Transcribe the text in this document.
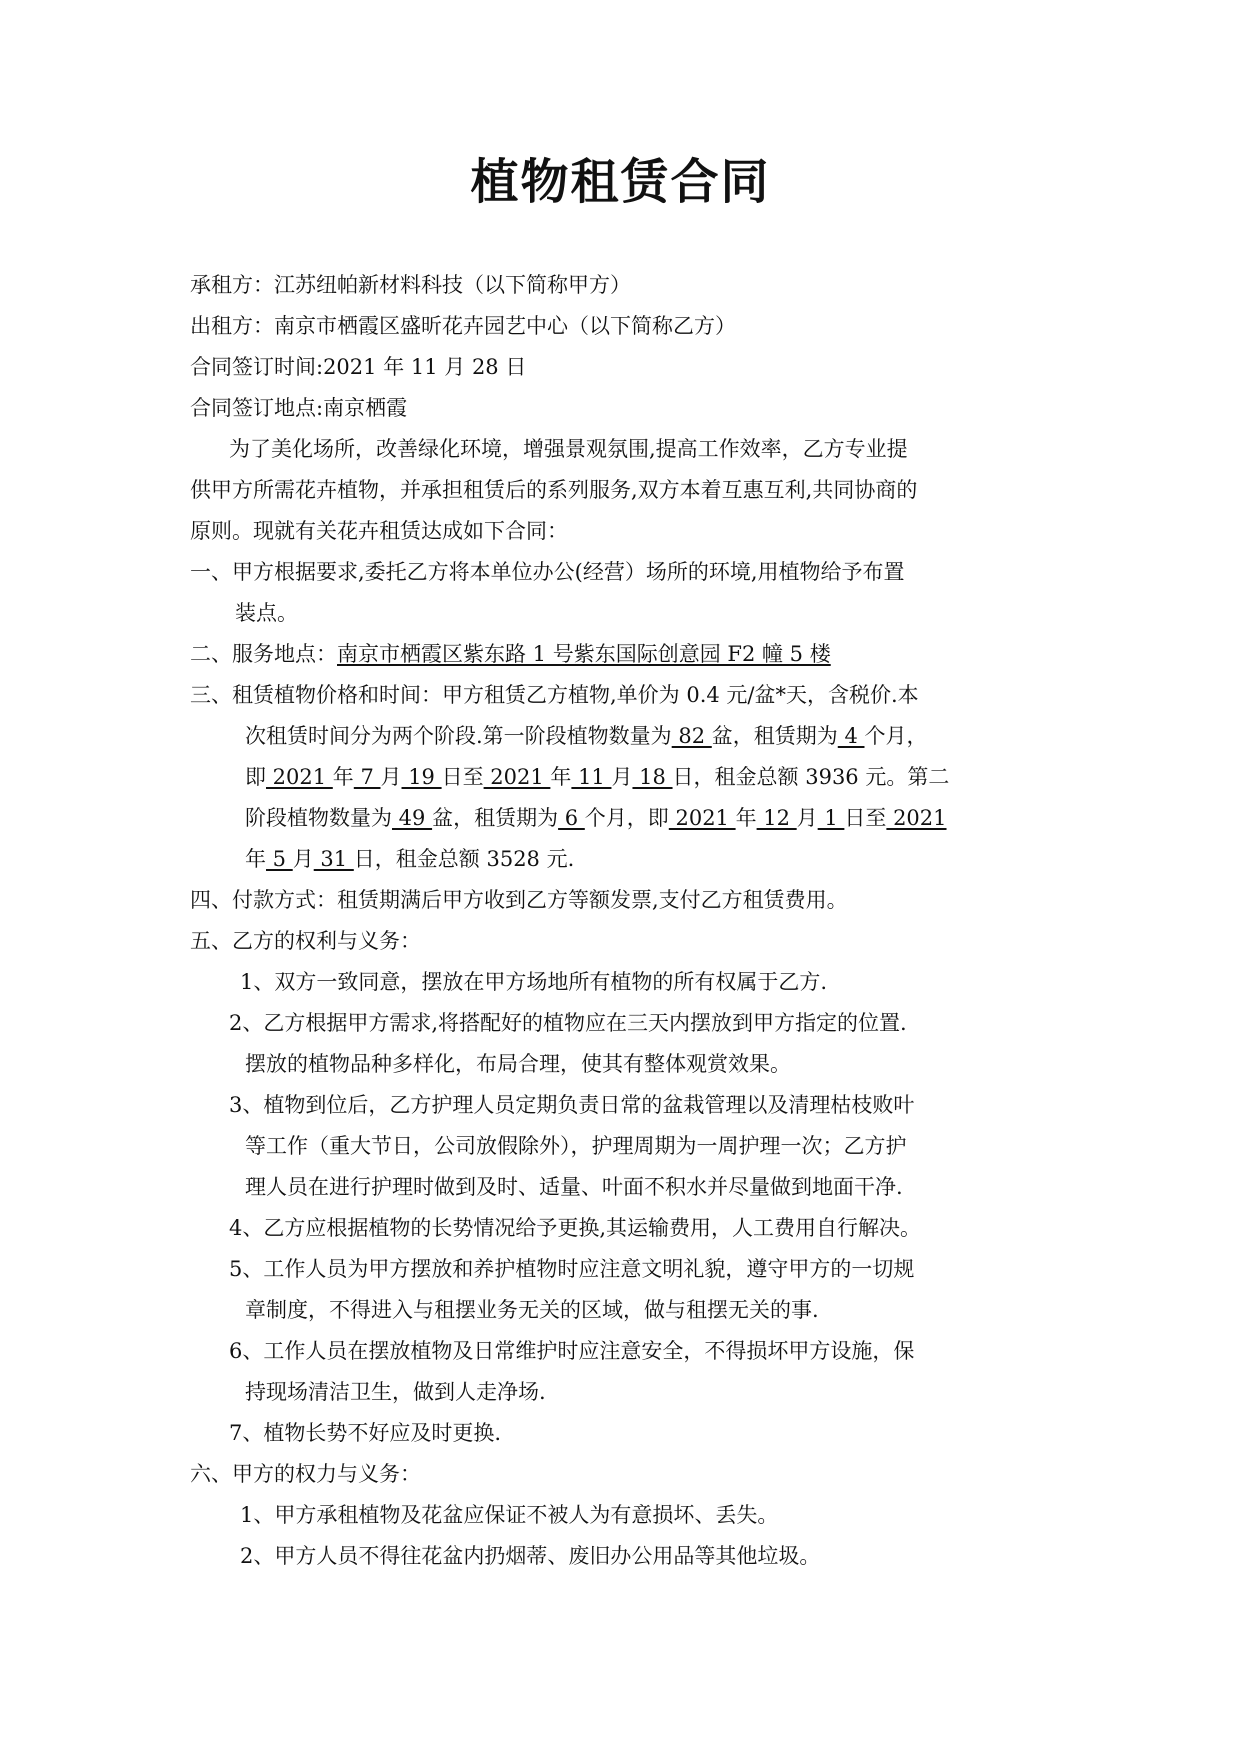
植物租赁合同
承租方：江苏纽帕新材料科技（以下简称甲方）
出租方：南京市栖霞区盛昕花卉园艺中心（以下简称乙方）
合同签订时间:2021 年 11 月 28 日
合同签订地点:南京栖霞
为了美化场所，改善绿化环境，增强景观氛围,提高工作效率，乙方专业提
供甲方所需花卉植物，并承担租赁后的系列服务,双方本着互惠互利,共同协商的
原则。现就有关花卉租赁达成如下合同：
一、甲方根据要求,委托乙方将本单位办公(经营）场所的环境,用植物给予布置
装点。
二、服务地点：南京市栖霞区紫东路 1 号紫东国际创意园 F2 幢 5 楼
三、租赁植物价格和时间：甲方租赁乙方植物,单价为 0.4 元/盆*天，含税价.本
次租赁时间分为两个阶段.第一阶段植物数量为 82 盆，租赁期为 4 个月，
即 2021 年 7 月 19 日至 2021 年 11 月 18 日，租金总额 3936 元。第二
阶段植物数量为 49 盆，租赁期为 6 个月，即 2021 年 12 月 1 日至 2021
年 5 月 31 日，租金总额 3528 元.
四、付款方式：租赁期满后甲方收到乙方等额发票,支付乙方租赁费用。
五、乙方的权利与义务：
1、双方一致同意，摆放在甲方场地所有植物的所有权属于乙方.
2、乙方根据甲方需求,将搭配好的植物应在三天内摆放到甲方指定的位置.
摆放的植物品种多样化，布局合理，使其有整体观赏效果。
3、植物到位后，乙方护理人员定期负责日常的盆栽管理以及清理枯枝败叶
等工作（重大节日，公司放假除外），护理周期为一周护理一次；乙方护
理人员在进行护理时做到及时、适量、叶面不积水并尽量做到地面干净.
4、乙方应根据植物的长势情况给予更换,其运输费用，人工费用自行解决。
5、工作人员为甲方摆放和养护植物时应注意文明礼貌，遵守甲方的一切规
章制度，不得进入与租摆业务无关的区域，做与租摆无关的事.
6、工作人员在摆放植物及日常维护时应注意安全，不得损坏甲方设施，保
持现场清洁卫生，做到人走净场.
7、植物长势不好应及时更换.
六、甲方的权力与义务：
1、甲方承租植物及花盆应保证不被人为有意损坏、丢失。
2、甲方人员不得往花盆内扔烟蒂、废旧办公用品等其他垃圾。
